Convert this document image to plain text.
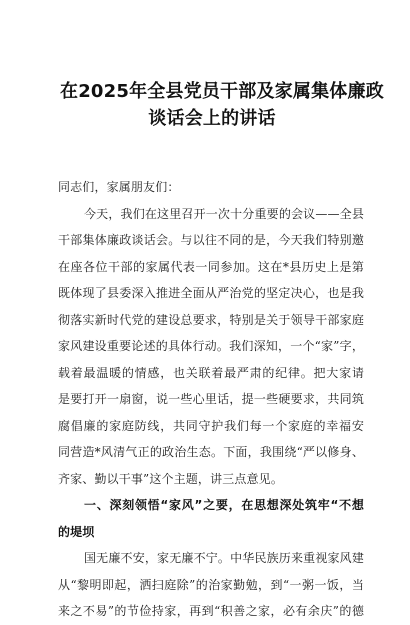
在2025年全县党员干部及家属集体廉政
谈话会上的讲话
同志们，家属朋友们：
今天，我们在这里召开一次十分重要的会议——全县
干部集体廉政谈话会。与以往不同的是，今天我们特别邀
在座各位干部的家属代表一同参加。这在*县历史上是第
既体现了县委深入推进全面从严治党的坚定决心，也是我
彻落实新时代党的建设总要求，特别是关于领导干部家庭
家风建设重要论述的具体行动。我们深知，一个“家”字，
载着最温暖的情感，也关联着最严肃的纪律。把大家请
是要打开一扇窗，说一些心里话，提一些硬要求，共同筑
腐倡廉的家庭防线，共同守护我们每一个家庭的幸福安
同营造*风清气正的政治生态。下面，我围绕“严以修身、
齐家、勤以干事”这个主题，讲三点意见。
一、深刻领悟“家风”之要，在思想深处筑牢“不想
的堤坝
国无廉不安，家无廉不宁。中华民族历来重视家风建
从“黎明即起，洒扫庭除”的治家勤勉，到“一粥一饭，当
来之不易”的节俭持家，再到“积善之家，必有余庆”的德
